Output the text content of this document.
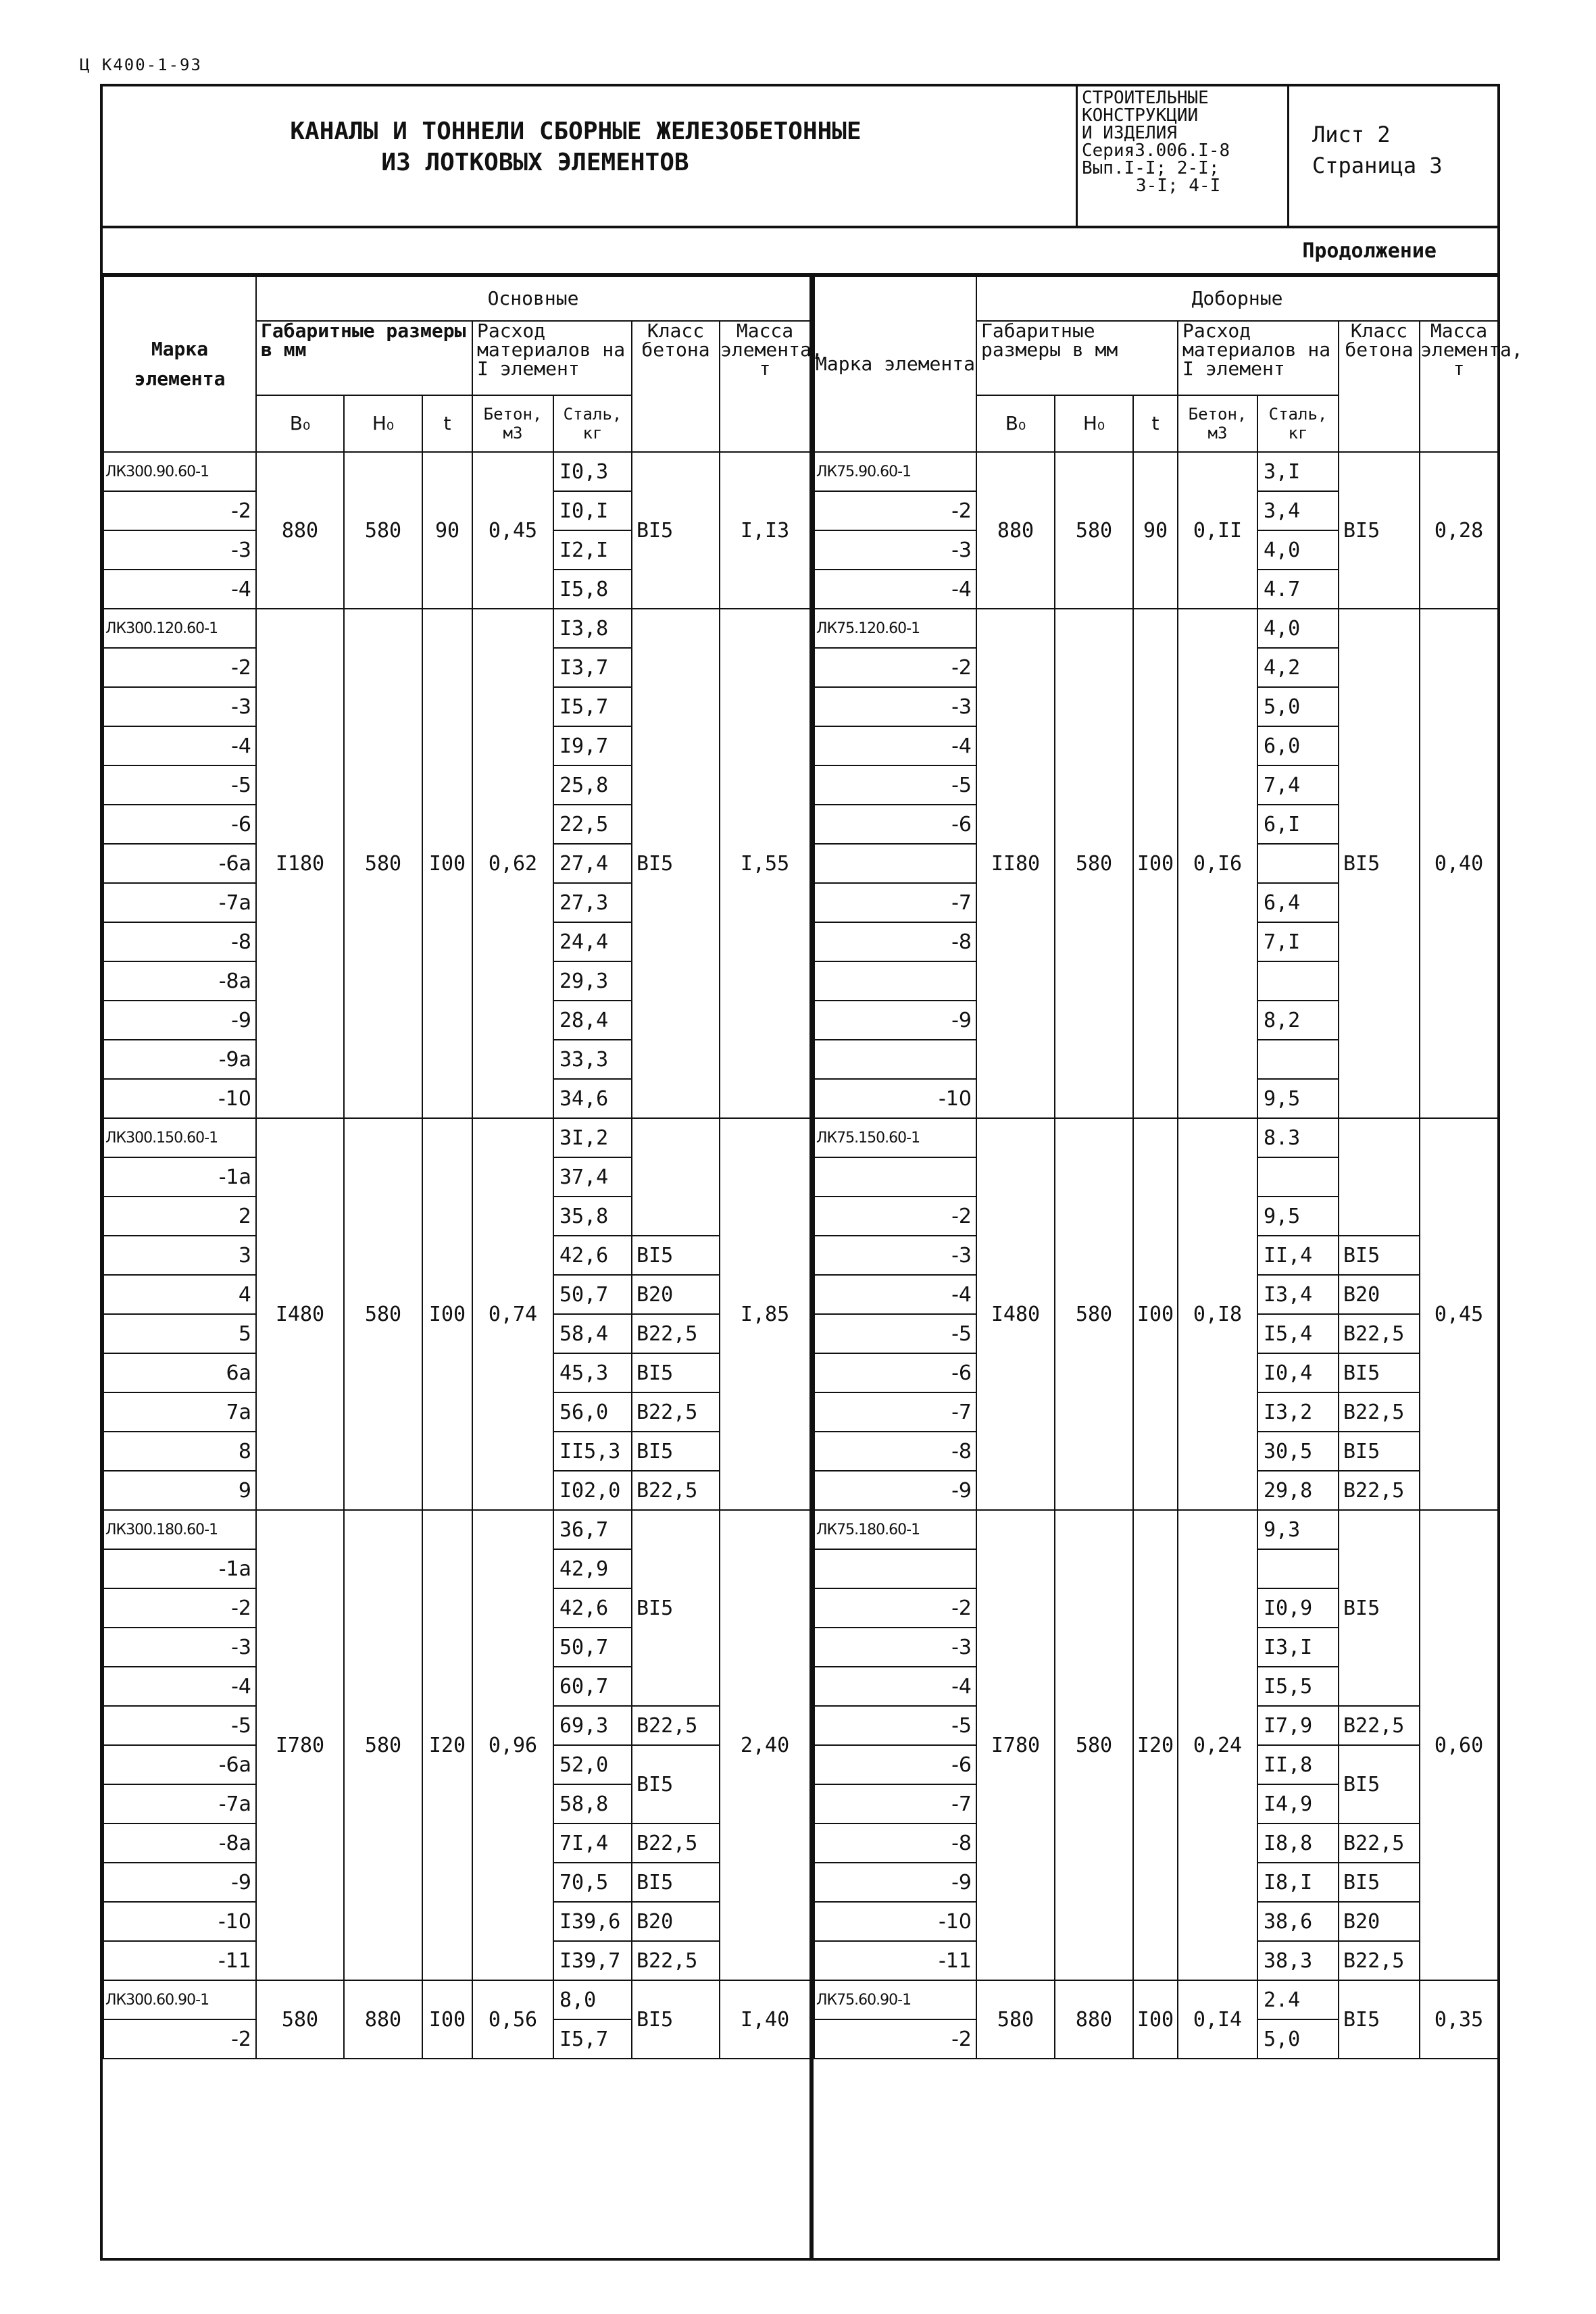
Ц К400-1-93
КАНАЛЫ И ТОННЕЛИ СБОРНЫЕ ЖЕЛЕЗОБЕТОННЫЕ
ИЗ ЛОТКОВЫХ ЭЛЕМЕНТОВ
СТРОИТЕЛЬНЫЕ
КОНСТРУКЦИИ
И ИЗДЕЛИЯ
Серия3.006.I-8
Вып.I-I; 2-I;
3-I; 4-I
Лист 2
Страница 3
Продолжение
Марка элемента	Основные						
	Габаритные размеры в мм			Расход материалов на I элемент		Класс бетона	Масса элемента, т
	B₀	H₀	t	Бетон, м3	Сталь, кг		
ЛК300.90.60-1	880	580	90	0,45	I0,3	BI5	I,I3
-2					I0,I		
-3					I2,I		
-4					I5,8		
ЛК300.120.60-1	I180	580	I00	0,62	I3,8	BI5	I,55
-2					I3,7		
-3					I5,7		
-4					I9,7		
-5					25,8		
-6					22,5		
-6а					27,4		
-7а					27,3		
-8					24,4		
-8а					29,3		
-9					28,4		
-9а					33,3		
-10					34,6		
ЛК300.150.60-1	I480	580	I00	0,74	3I,2		I,85
-1а					37,4		
2					35,8		
3					42,6	BI5	
4					50,7	B20	
5					58,4	B22,5	
6а					45,3	BI5	
7а					56,0	B22,5	
8					II5,3	BI5	
9					I02,0	B22,5	
ЛК300.180.60-1	I780	580	I20	0,96	36,7	BI5	2,40
-1а					42,9		
-2					42,6		
-3					50,7		
-4					60,7		
-5					69,3	B22,5	
-6а					52,0	BI5	
-7а					58,8		
-8а					7I,4	B22,5	
-9					70,5	BI5	
-10					I39,6	B20	
-11					I39,7	B22,5	
ЛК300.60.90-1	580	880	I00	0,56	8,0	BI5	I,40
-2					I5,7		
Марка элемента	Доборные						
	Габаритные размеры в мм			Расход материалов на I элемент		Класс бетона	Масса элемента, т
	B₀	H₀	t	Бетон, м3	Сталь, кг		
ЛК75.90.60-1	880	580	90	0,II	3,I	BI5	0,28
-2					3,4		
-3					4,0		
-4					4.7		
ЛК75.120.60-1	II80	580	I00	0,I6	4,0	BI5	0,40
-2					4,2		
-3					5,0		
-4					6,0		
-5					7,4		
-6					6,I		

-7					6,4		
-8					7,I		

-9					8,2		

-10					9,5		
ЛК75.150.60-1	I480	580	I00	0,I8	8.3		0,45

-2					9,5		
-3					II,4	BI5	
-4					I3,4	B20	
-5					I5,4	B22,5	
-6					I0,4	BI5	
-7					I3,2	B22,5	
-8					30,5	BI5	
-9					29,8	B22,5	
ЛК75.180.60-1	I780	580	I20	0,24	9,3	BI5	0,60

-2					I0,9		
-3					I3,I		
-4					I5,5		
-5					I7,9	B22,5	
-6					II,8	BI5	
-7					I4,9		
-8					I8,8	B22,5	
-9					I8,I	BI5	
-10					38,6	B20	
-11					38,3	B22,5	
ЛК75.60.90-1	580	880	I00	0,I4	2.4	BI5	0,35
-2					5,0		
